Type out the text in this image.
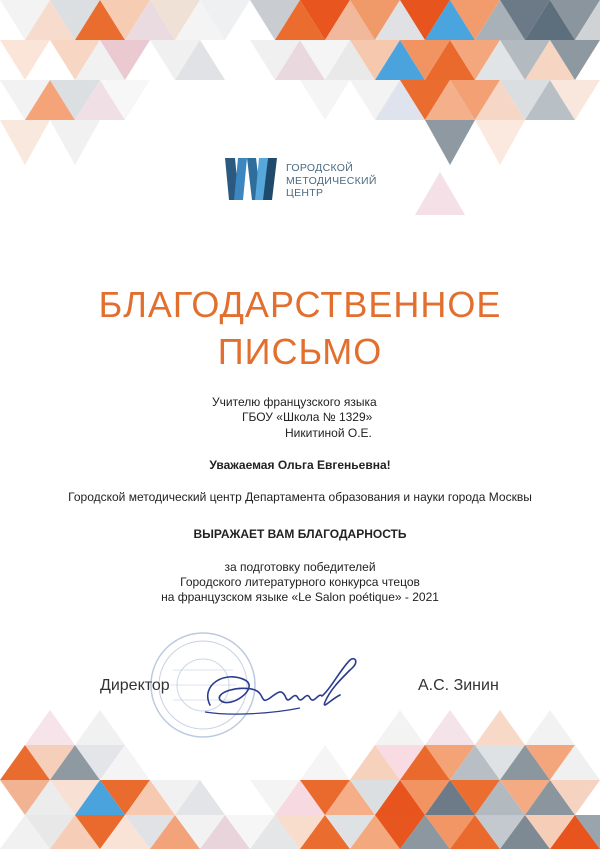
ГОРОДСКОЙ
МЕТОДИЧЕСКИЙ
ЦЕНТР
БЛАГОДАРСТВЕННОЕ
ПИСЬМО
Учителю французского языка
ГБОУ «Школа № 1329»
Никитиной О.Е.
Уважаемая Ольга Евгеньевна!
Городской методический центр Департамента образования и науки города Москвы
ВЫРАЖАЕТ ВАМ БЛАГОДАРНОСТЬ
за подготовку победителей
Городского литературного конкурса чтецов
на французском языке «Le Salon poétique» - 2021
Директор	А.С. Зинин
